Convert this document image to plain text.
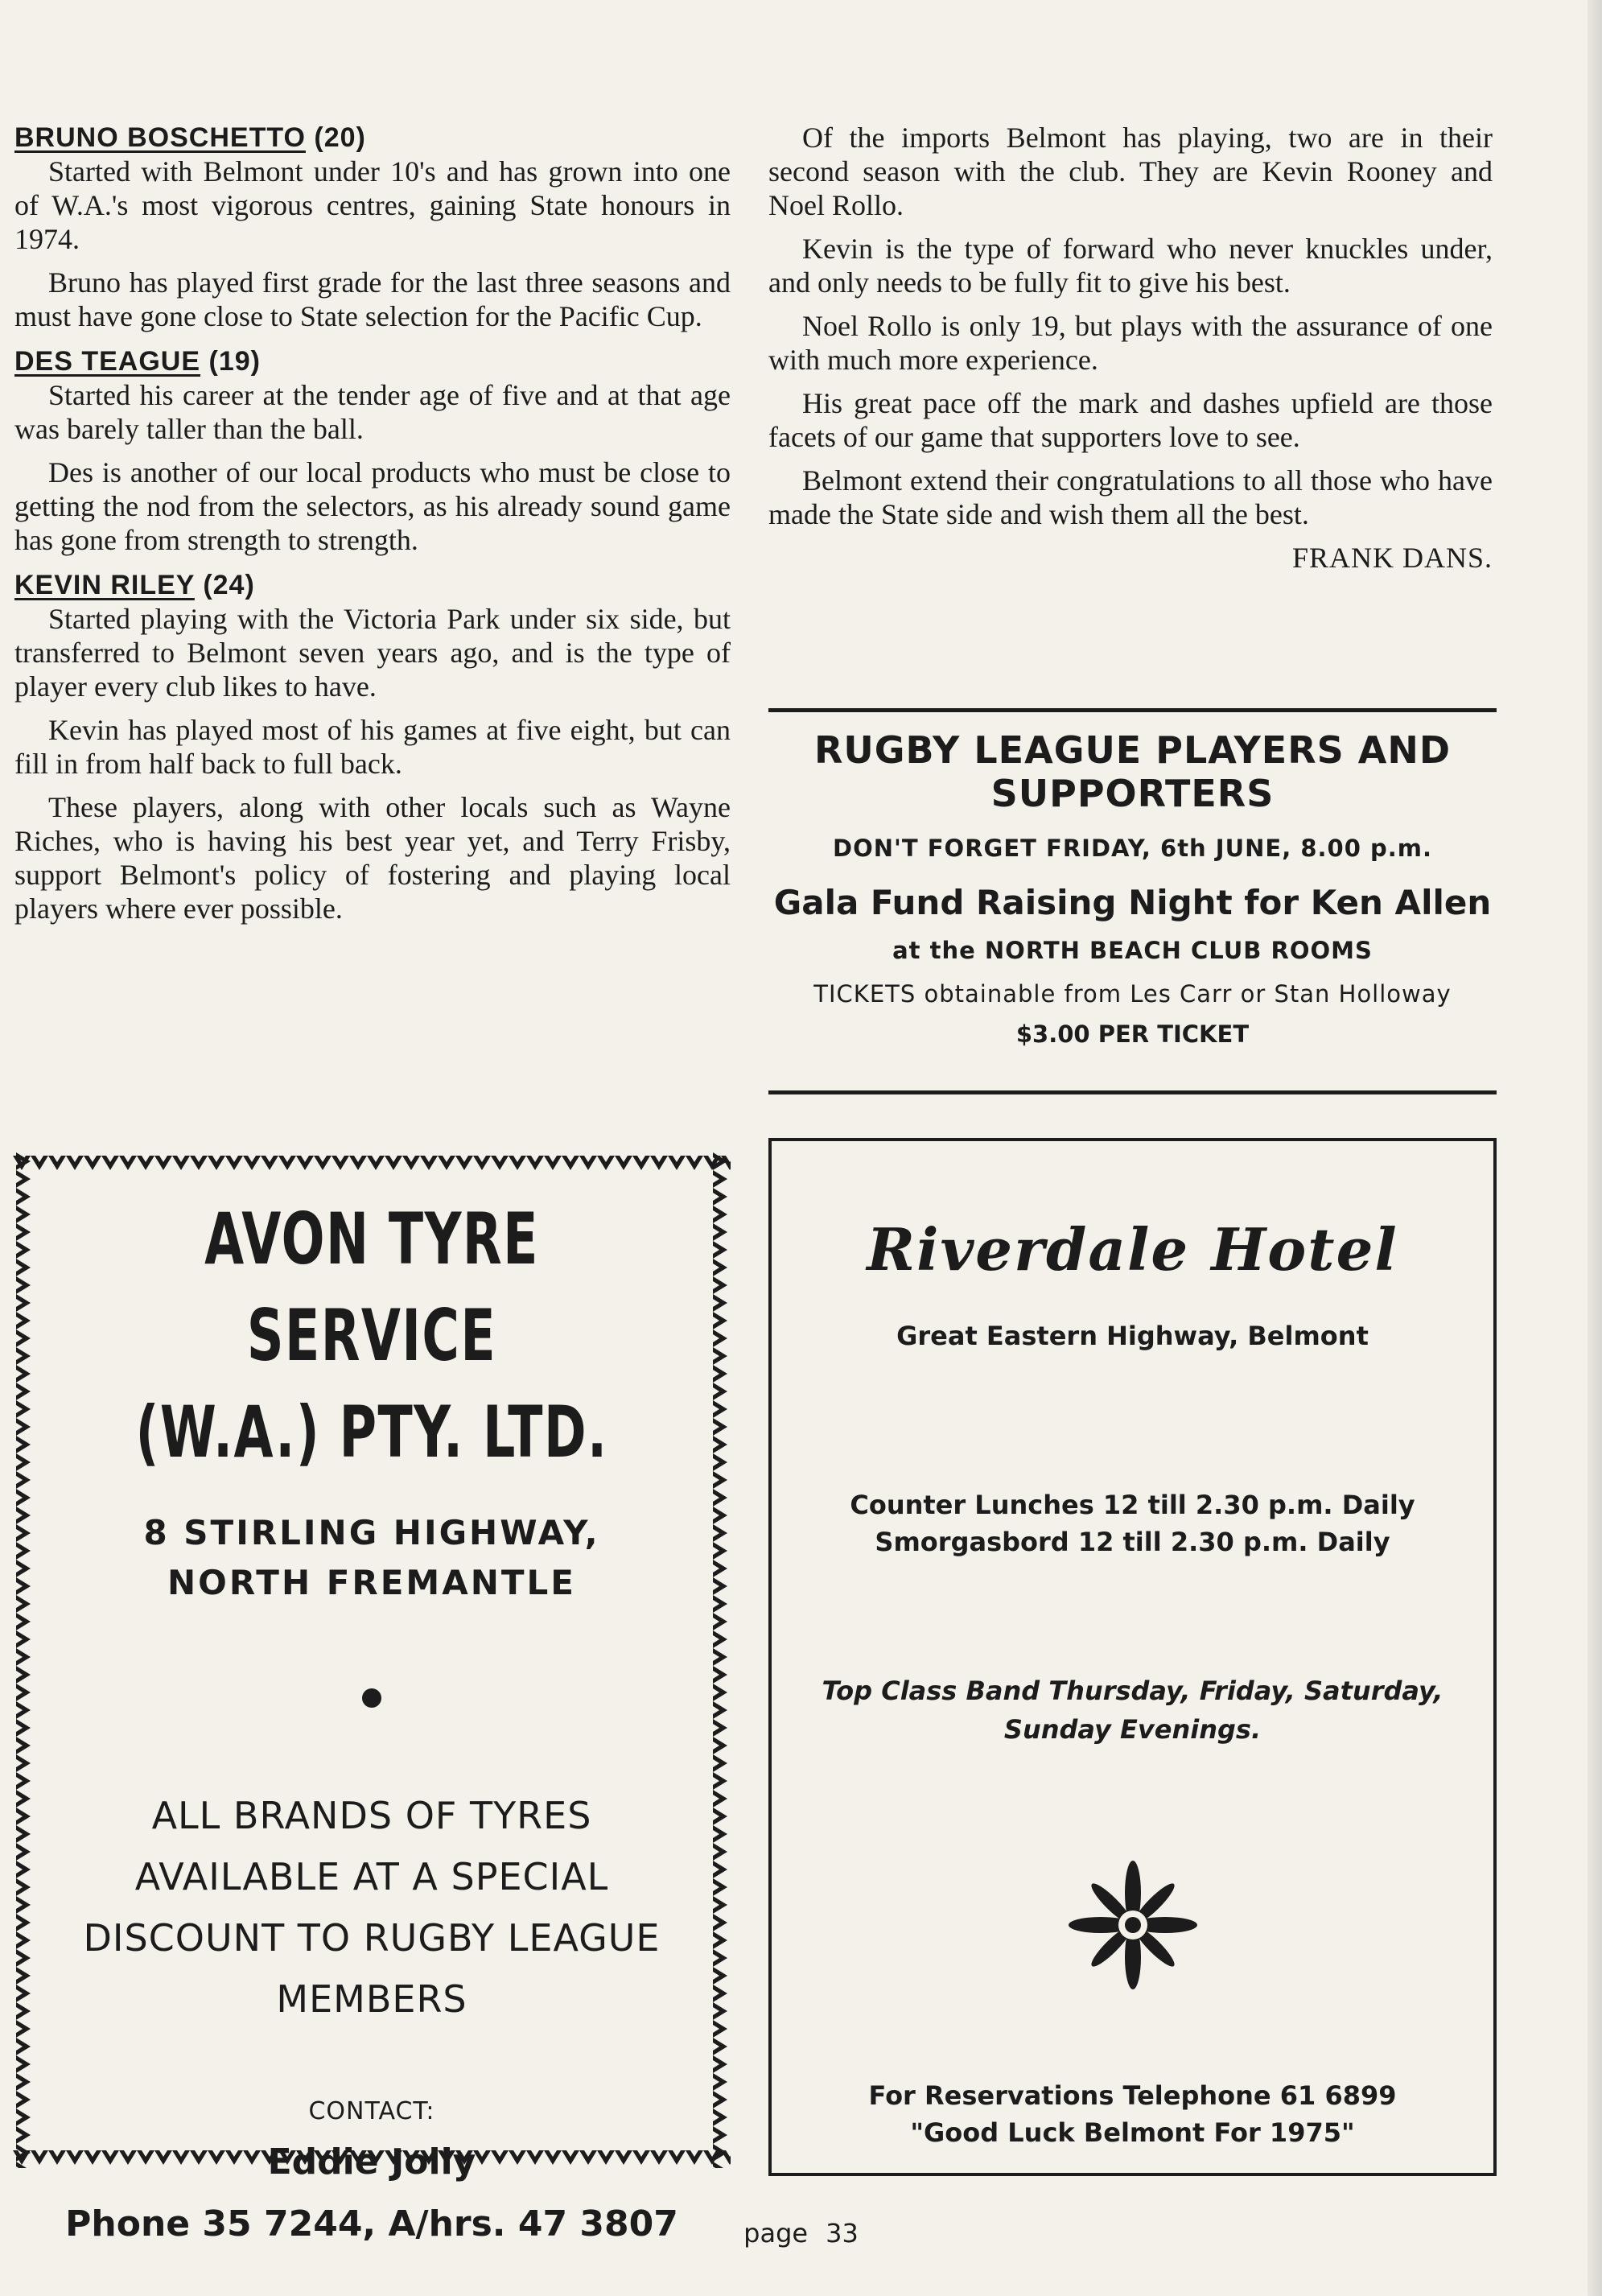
BRUNO BOSCHETTO (20)

Started with Belmont under 10's and has grown into one of W.A.'s most vigorous centres, gaining State honours in 1974.

Bruno has played first grade for the last three seasons and must have gone close to State selection for the Pacific Cup.

DES TEAGUE (19)

Started his career at the tender age of five and at that age was barely taller than the ball.

Des is another of our local products who must be close to getting the nod from the selectors, as his already sound game has gone from strength to strength.

KEVIN RILEY (24)

Started playing with the Victoria Park under six side, but transferred to Belmont seven years ago, and is the type of player every club likes to have.

Kevin has played most of his games at five eight, but can fill in from half back to full back.

These players, along with other locals such as Wayne Riches, who is having his best year yet, and Terry Frisby, support Belmont's policy of fostering and playing local players where ever possible.

Of the imports Belmont has playing, two are in their second season with the club. They are Kevin Rooney and Noel Rollo.

Kevin is the type of forward who never knuckles under, and only needs to be fully fit to give his best.

Noel Rollo is only 19, but plays with the assurance of one with much more experience.

His great pace off the mark and dashes upfield are those facets of our game that supporters love to see.

Belmont extend their congratulations to all those who have made the State side and wish them all the best.

FRANK DANS.

RUGBY LEAGUE PLAYERS AND
SUPPORTERS
DON'T FORGET FRIDAY, 6th JUNE, 8.00 p.m.
Gala Fund Raising Night for Ken Allen
at the NORTH BEACH CLUB ROOMS
TICKETS obtainable from Les Carr or Stan Holloway
$3.00 PER TICKET
AVON TYRE SERVICE
(W.A.) PTY. LTD.
8 STIRLING HIGHWAY,
NORTH FREMANTLE
ALL BRANDS OF TYRES
AVAILABLE AT A SPECIAL
DISCOUNT TO RUGBY LEAGUE
MEMBERS
CONTACT:
Phone 35 7244, A/hrs. 47 3807
Riverdale Hotel
Great Eastern Highway, Belmont
Counter Lunches 12 till 2.30 p.m. Daily
Smorgasbord 12 till 2.30 p.m. Daily
Top Class Band Thursday, Friday, Saturday,
Sunday Evenings.
For Reservations Telephone 61 6899
"Good Luck Belmont For 1975"
page 33
